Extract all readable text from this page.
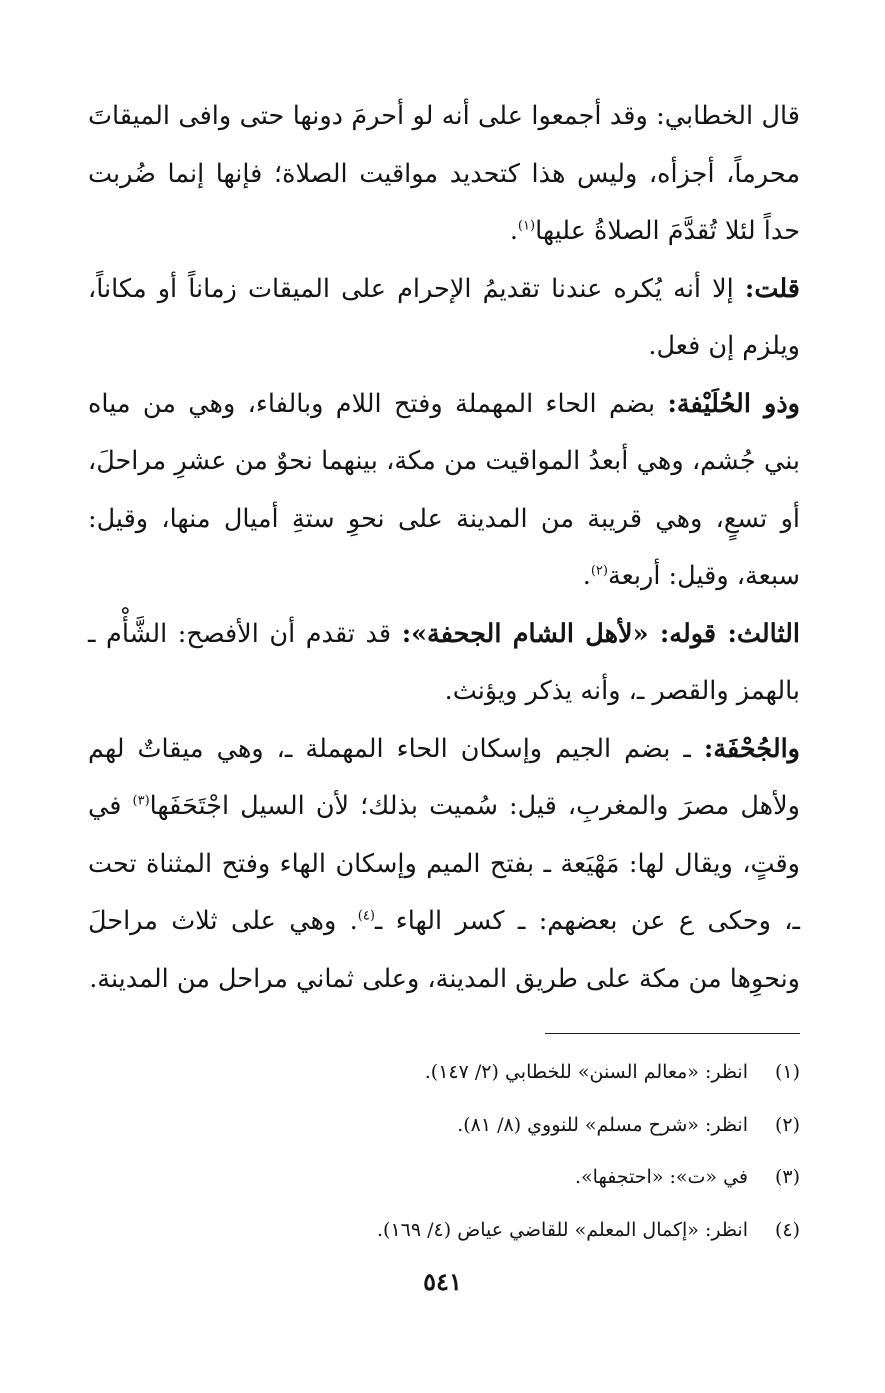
قال الخطابي: وقد أجمعوا على أنه لو أحرمَ دونها حتى وافى الميقاتَ محرماً، أجزأه، وليس هذا كتحديد مواقيت الصلاة؛ فإنها إنما ضُربت حداً لئلا تُقدَّمَ الصلاةُ عليها$^{(١)}$.

قلت: إلا أنه يُكره عندنا تقديمُ الإحرام على الميقات زماناً أو مكاناً، ويلزم إن فعل.

وذو الحُلَيْفة: بضم الحاء المهملة وفتح اللام وبالفاء، وهي من مياه بني جُشم، وهي أبعدُ المواقيت من مكة، بينهما نحوٌ من عشرِ مراحلَ، أو تسعٍ، وهي قريبة من المدينة على نحوِ ستةِ أميال منها، وقيل: سبعة، وقيل: أربعة$^{(٢)}$.

الثالث: قوله: «لأهل الشام الجحفة»: قد تقدم أن الأفصح: الشَّأْم ـ بالهمز والقصر ـ، وأنه يذكر ويؤنث.

والجُحْفَة: ـ بضم الجيم وإسكان الحاء المهملة ـ، وهي ميقاتٌ لهم ولأهل مصرَ والمغربِ، قيل: سُميت بذلك؛ لأن السيل اجْتَحَفَها$^{(٣)}$ في وقتٍ، ويقال لها: مَهْيَعة ـ بفتح الميم وإسكان الهاء وفتح المثناة تحت ـ، وحكى ع عن بعضهم: ـ كسر الهاء ـ$^{(٤)}$. وهي على ثلاث مراحلَ ونحوِها من مكة على طريق المدينة، وعلى ثماني مراحل من المدينة.

(١)انظر: «معالم السنن» للخطابي (٢/ ١٤٧).

(٢)انظر: «شرح مسلم» للنووي (٨/ ٨١).

(٣)في «ت»: «احتجفها».

(٤)انظر: «إكمال المعلم» للقاضي عياض (٤/ ١٦٩).

٥٤١
